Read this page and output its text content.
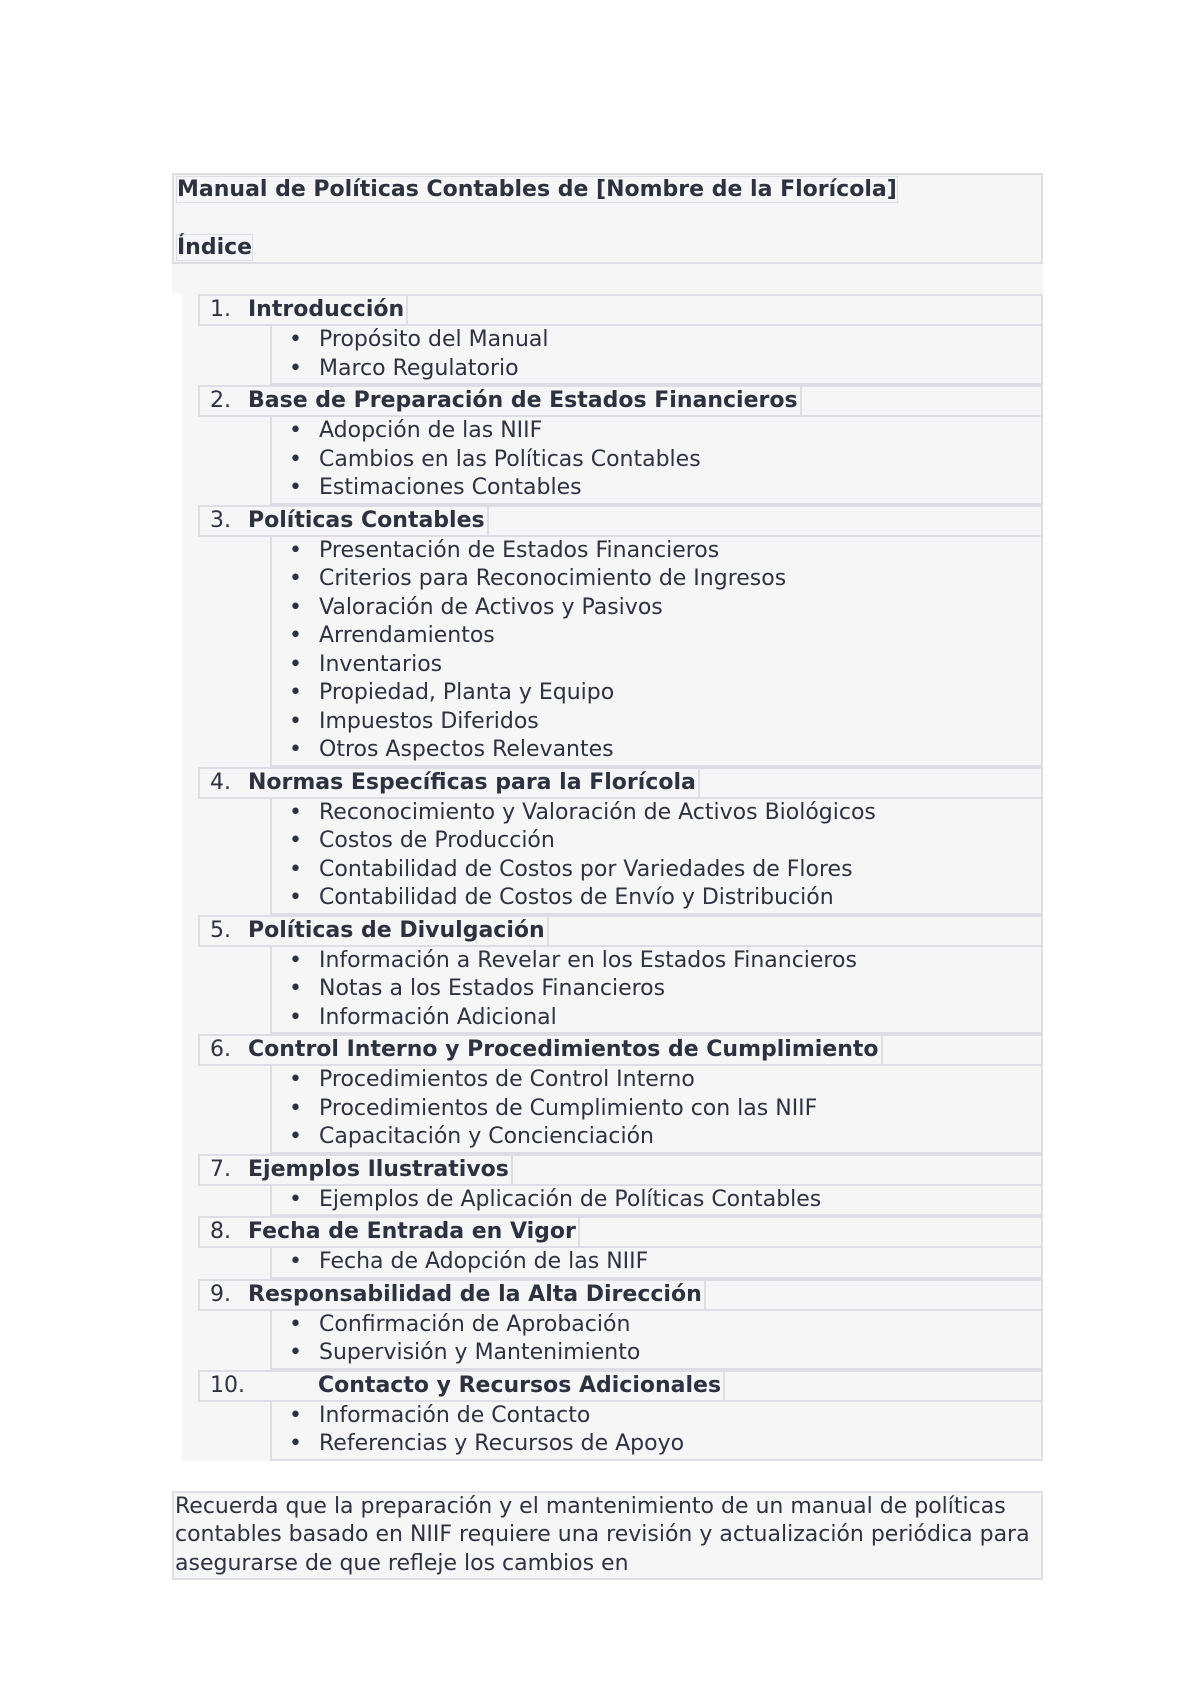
Manual de Políticas Contables de [Nombre de la Florícola]
Índice
1. Introducción
• Propósito del Manual
• Marco Regulatorio
2. Base de Preparación de Estados Financieros
• Adopción de las NIIF
• Cambios en las Políticas Contables
• Estimaciones Contables
3. Políticas Contables
• Presentación de Estados Financieros
• Criterios para Reconocimiento de Ingresos
• Valoración de Activos y Pasivos
• Arrendamientos
• Inventarios
• Propiedad, Planta y Equipo
• Impuestos Diferidos
• Otros Aspectos Relevantes
4. Normas Específicas para la Florícola
• Reconocimiento y Valoración de Activos Biológicos
• Costos de Producción
• Contabilidad de Costos por Variedades de Flores
• Contabilidad de Costos de Envío y Distribución
5. Políticas de Divulgación
• Información a Revelar en los Estados Financieros
• Notas a los Estados Financieros
• Información Adicional
6. Control Interno y Procedimientos de Cumplimiento
• Procedimientos de Control Interno
• Procedimientos de Cumplimiento con las NIIF
• Capacitación y Concienciación
7. Ejemplos Ilustrativos
• Ejemplos de Aplicación de Políticas Contables
8. Fecha de Entrada en Vigor
• Fecha de Adopción de las NIIF
9. Responsabilidad de la Alta Dirección
• Confirmación de Aprobación
• Supervisión y Mantenimiento
10.	Contacto y Recursos Adicionales
• Información de Contacto
• Referencias y Recursos de Apoyo
Recuerda que la preparación y el mantenimiento de un manual de políticas contables basado en NIIF requiere una revisión y actualización periódica para asegurarse de que refleje los cambios en
